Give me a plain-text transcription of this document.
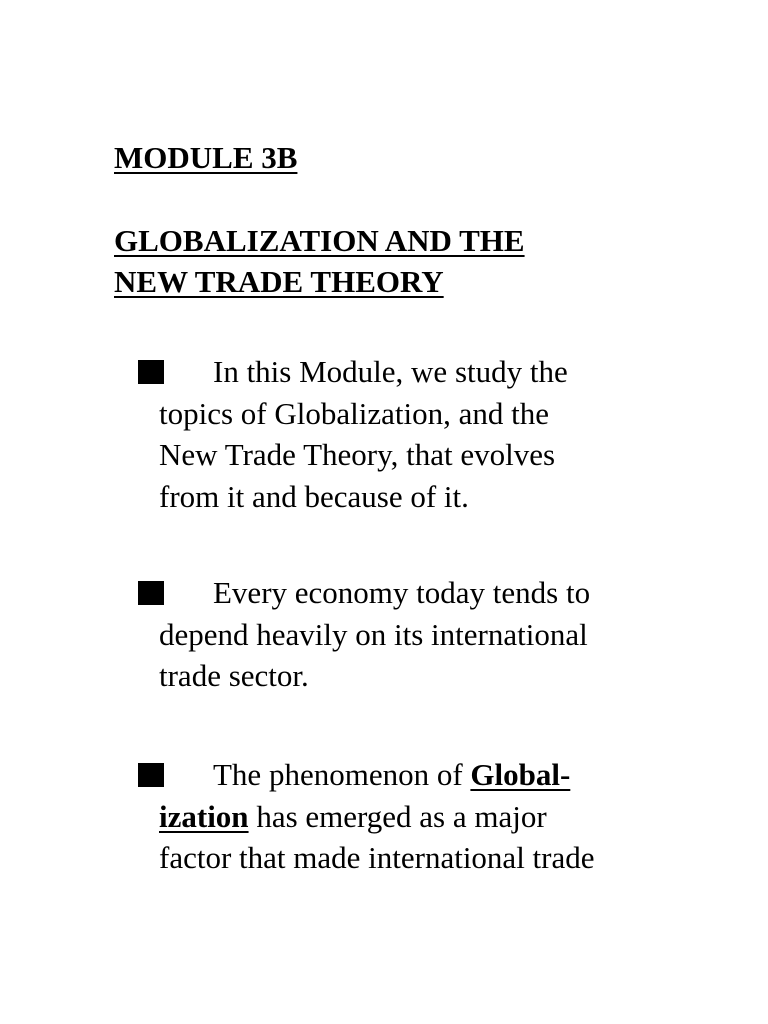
MODULE 3B
GLOBALIZATION AND THE
NEW TRADE THEORY

In this Module, we study the

topics of Globalization, and the

New Trade Theory, that evolves

from it and because of it.

Every economy today tends to

depend heavily on its international

trade sector.

The phenomenon of Global-

ization has emerged as a major

factor that made international trade
